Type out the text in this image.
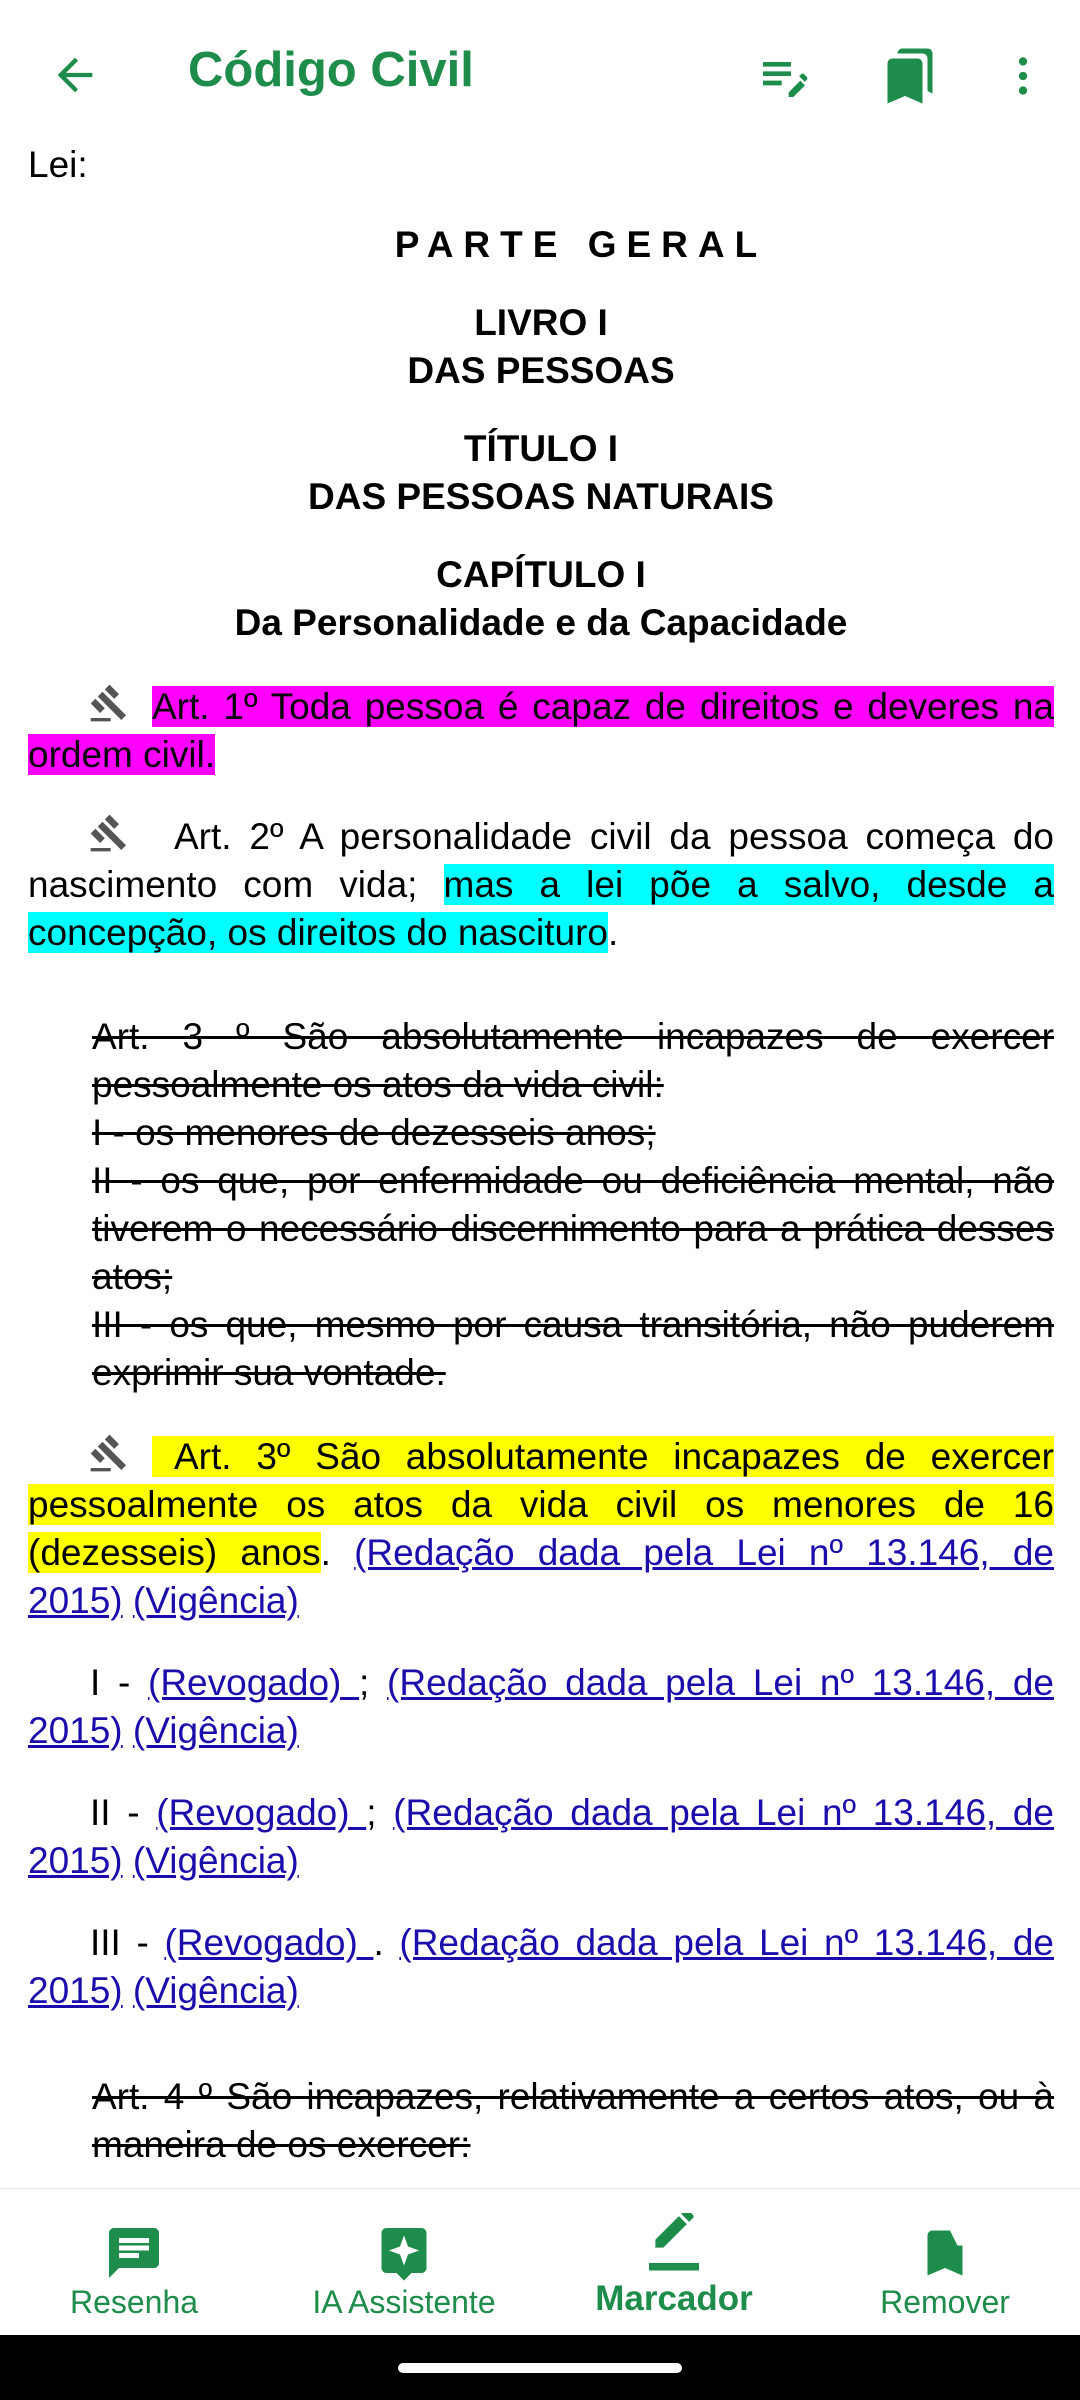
Código Civil
Lei:
PARTE GERAL
LIVRO I
DAS PESSOAS
TÍTULO I
DAS PESSOAS NATURAIS
CAPÍTULO I
Da Personalidade e da Capacidade
Art. 1º Toda pessoa é capaz de direitos e deveres na ordem civil.
Art. 2º A personalidade civil da pessoa começa do nascimento com vida; mas a lei põe a salvo, desde a concepção, os direitos do nascituro.

Art. 3 º São absolutamente incapazes de exercer pessoalmente os atos da vida civil:

I - os menores de dezesseis anos;

II - os que, por enfermidade ou deficiência mental, não tiverem o necessário discernimento para a prática desses atos;

III - os que, mesmo por causa transitória, não puderem exprimir sua vontade.

Art. 3º São absolutamente incapazes de exercer pessoalmente os atos da vida civil os menores de 16 (dezesseis) anos. (Redação dada pela Lei nº 13.146, de 2015) (Vigência)
I - (Revogado) ; (Redação dada pela Lei nº 13.146, de 2015) (Vigência)
II - (Revogado) ; (Redação dada pela Lei nº 13.146, de 2015) (Vigência)
III - (Revogado) . (Redação dada pela Lei nº 13.146, de 2015) (Vigência)

Art. 4 º São incapazes, relativamente a certos atos, ou à maneira de os exercer:

Resenha	IA Assistente	Marcador	Remover
